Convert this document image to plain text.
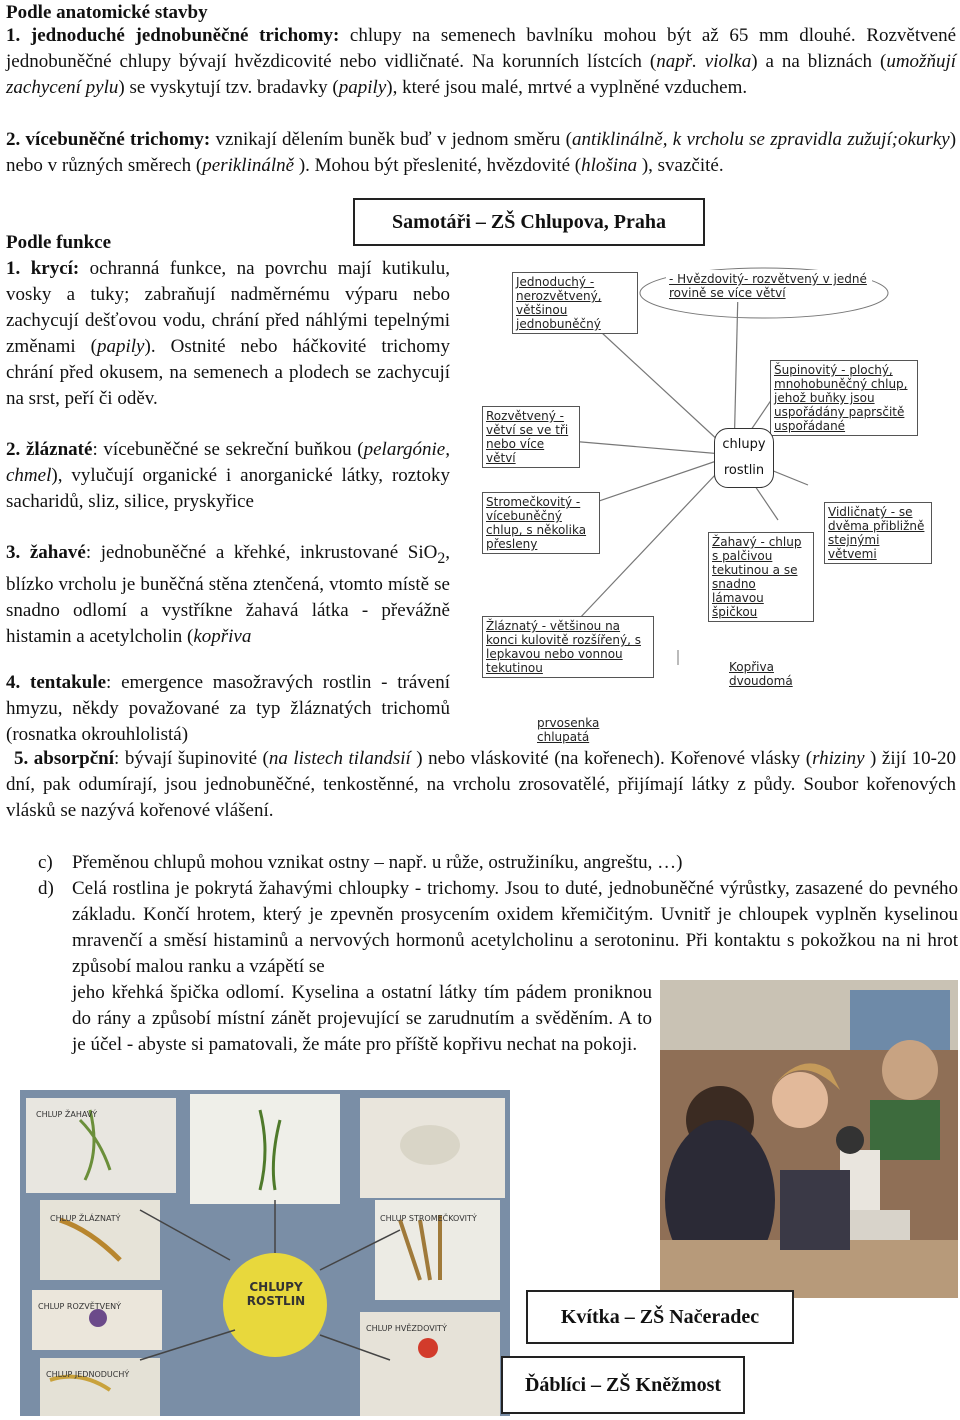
Podle anatomické stavby

1. jednoduché jednobuněčné trichomy: chlupy na semenech bavlníku mohou být až 65 mm dlouhé. Rozvětvené jednobuněčné chlupy bývají hvězdicovité nebo vidličnaté. Na korunních lístcích (např. violka) a na bliznách (umožňují zachycení pylu) se vyskytují tzv. bradavky (papily), které jsou malé, mrtvé a vyplněné vzduchem.

2. vícebuněčné trichomy: vznikají dělením buněk buď v jednom směru (antiklinálně, k vrcholu se zpravidla zužují;okurky) nebo v různých směrech (periklinálně ). Mohou být přeslenité, hvězdovité (hlošina ), svazčité.

Samotáři – ZŠ Chlupova, Praha
Podle funkce

1. krycí: ochranná funkce, na povrchu mají kutikulu, vosky a tuky; zabraňují nadměrnému výparu nebo zachycují dešťovou vodu, chrání před náhlými tepelnými změnami (papily). Ostnité nebo háčkovité trichomy chrání před okusem, na semenech a plodech se zachycují na srst, peří či oděv.

2. žláznaté: vícebuněčné se sekreční buňkou (pelargónie, chmel), vylučují organické i anorganické látky, roztoky sacharidů, sliz, silice, pryskyřice

3. žahavé: jednobuněčné a křehké, inkrustované SiO$_2$, blízko vrcholu je buněčná stěna ztenčená, vtomto místě se snadno odlomí a vystříkne žahavá látka - převážně histamin a acetylcholin (kopřiva

4. tentakule: emergence masožravých rostlin - trávení hmyzu, někdy považované za typ žláznatých trichomů (rosnatka okrouhlolistá)

Jednoduchý - nerozvětvený, většinou jednobuněčný
- Hvězdovitý- rozvětvený v jedné rovině se více větví
Šupinovitý - plochý, mnohobuněčný chlup, jehož buňky jsou uspořádány paprsčitě uspořádané
Rozvětvený - větví se ve tři nebo více větví
chlupy rostlin
Stromečkovitý - vícebuněčný chlup, s několika přesleny
Vidličnatý - se dvěma přibližně stejnými větvemi
Žahavý - chlup s palčivou tekutinou a se snadno lámavou špičkou
Žláznatý - většinou na konci kulovitě rozšířený, s lepkavou nebo vonnou tekutinou	Kopřiva dvoudomá
prvosenka chlupatá

5. absorpční: bývají šupinovité (na listech tilandsií ) nebo vláskovité (na kořenech). Kořenové vlásky (rhiziny ) žijí 10-20 dní, pak odumírají, jsou jednobuněčné, tenkostěnné, na vrcholu zrosovatělé, přijímají látky z půdy. Soubor kořenových vlásků se nazývá kořenové vlášení.

c) Přeměnou chlupů mohou vznikat ostny – např. u růže, ostružiníku, angreštu, …)
d) Celá rostlina je pokrytá žahavými chloupky - trichomy. Jsou to duté, jednobuněčné výrůstky, zasazené do pevného základu. Končí hrotem, který je zpevněn prosycením oxidem křemičitým. Uvnitř je chloupek vyplněn kyselinou mravenčí a směsí histaminů a nervových hormonů acetylcholinu a serotoninu. Při kontaktu s pokožkou na ni hrot způsobí malou ranku a vzápětí se
jeho křehká špička odlomí. Kyselina a ostatní látky tím pádem proniknou do rány a způsobí místní zánět projevující se zarudnutím a svěděním. A to je účel - abyste si pamatovali, že máte pro příště kopřivu nechat na pokoji.
CHLUPY ROSTLIN
CHLUP ŽAHAVÝ
CHLUP ŽLÁZNATÝ	CHLUP STROMEČKOVITÝ
CHLUP ROZVĚTVENÝ
CHLUP JEDNODUCHÝ
CHLUP HVĚZDOVITÝ
Kvítka – ZŠ Načeradec
Ďáblíci – ZŠ Kněžmost
